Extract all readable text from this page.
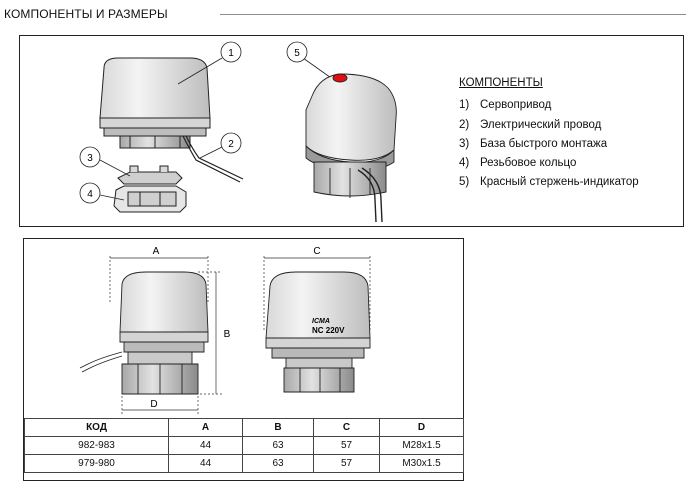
КОМПОНЕНТЫ И РАЗМЕРЫ
1
2
3
4
5
A
B
D
ICMA
NC 220V
C
КОМПОНЕНТЫ
1) Сервопривод
2) Электрический провод
3) База быстрого монтажа
4) Резьбовое кольцо
5) Красный стержень-индикатор
КОД	A	B	C	D
982-983	44	63	57	M28x1.5
979-980	44	63	57	M30x1.5
